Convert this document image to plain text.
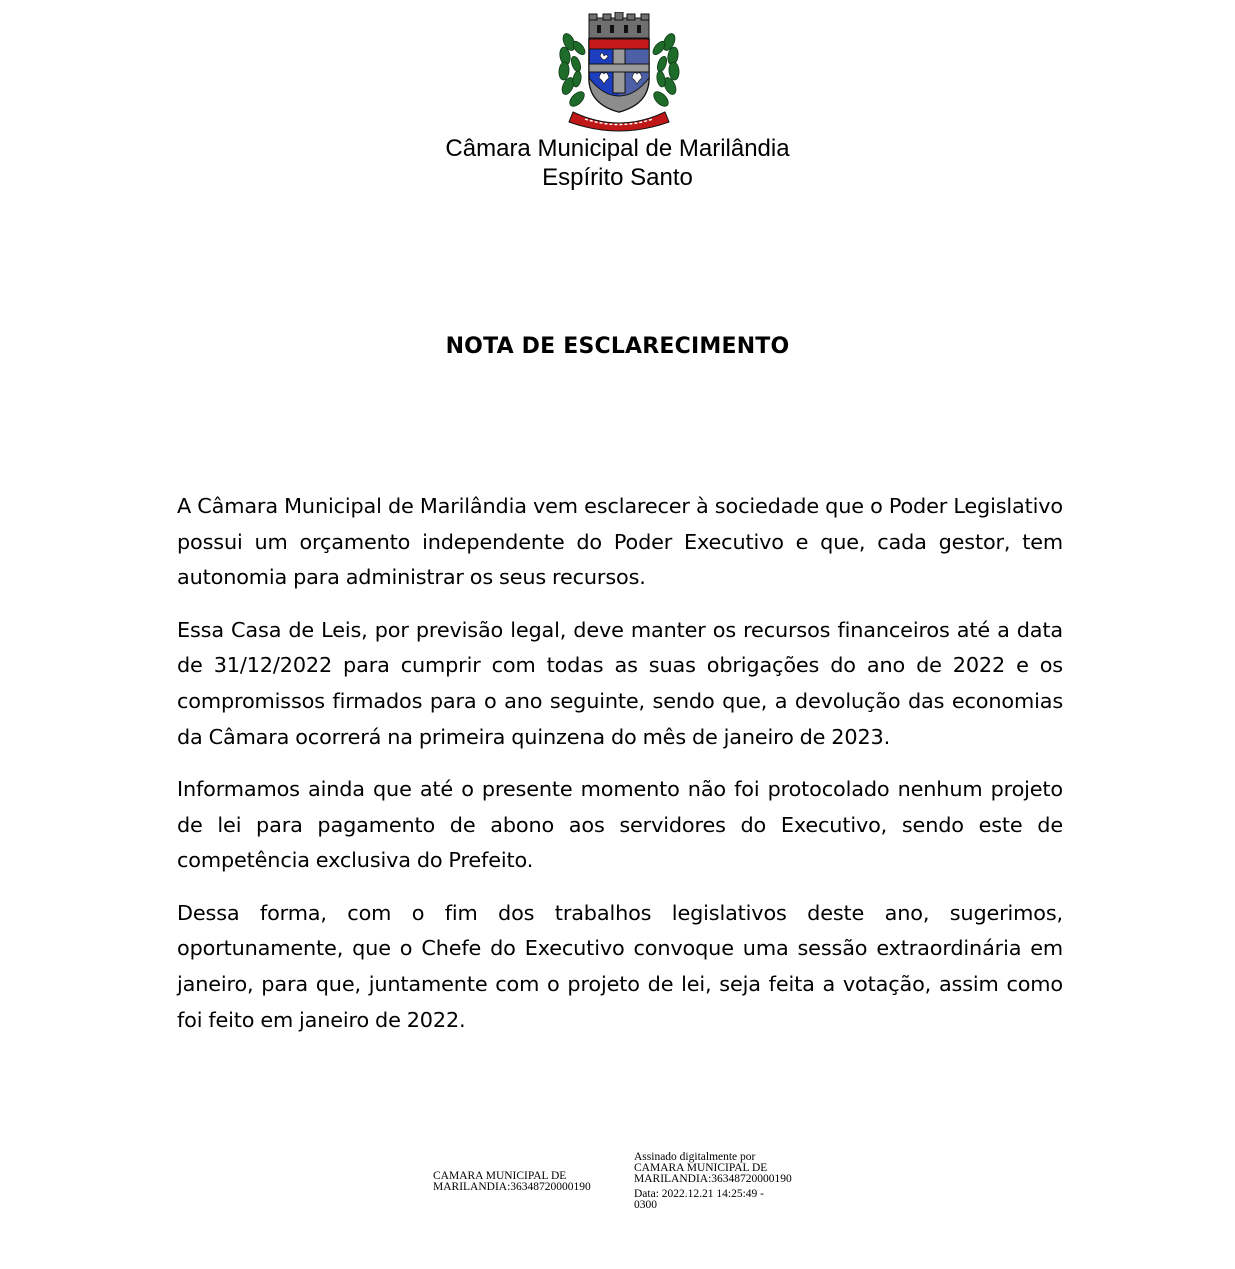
Câmara Municipal de Marilândia
Espírito Santo
NOTA DE ESCLARECIMENTO

A Câmara Municipal de Marilândia vem esclarecer à sociedade que o Poder Legislativo possui um orçamento independente do Poder Executivo e que, cada gestor, tem autonomia para administrar os seus recursos.

Essa Casa de Leis, por previsão legal, deve manter os recursos financeiros até a data de 31/12/2022 para cumprir com todas as suas obrigações do ano de 2022 e os compromissos firmados para o ano seguinte, sendo que, a devolução das economias da Câmara ocorrerá na primeira quinzena do mês de janeiro de 2023.

Informamos ainda que até o presente momento não foi protocolado nenhum projeto de lei para pagamento de abono aos servidores do Executivo, sendo este de competência exclusiva do Prefeito.

Dessa forma, com o fim dos trabalhos legislativos deste ano, sugerimos, oportunamente, que o Chefe do Executivo convoque uma sessão extraordinária em janeiro, para que, juntamente com o projeto de lei, seja feita a votação, assim como foi feito em janeiro de 2022.

CAMARA MUNICIPAL DE
MARILANDIA:36348720000190
Assinado digitalmente por
CAMARA MUNICIPAL DE
MARILANDIA:36348720000190
Data: 2022.12.21 14:25:49 -
0300
